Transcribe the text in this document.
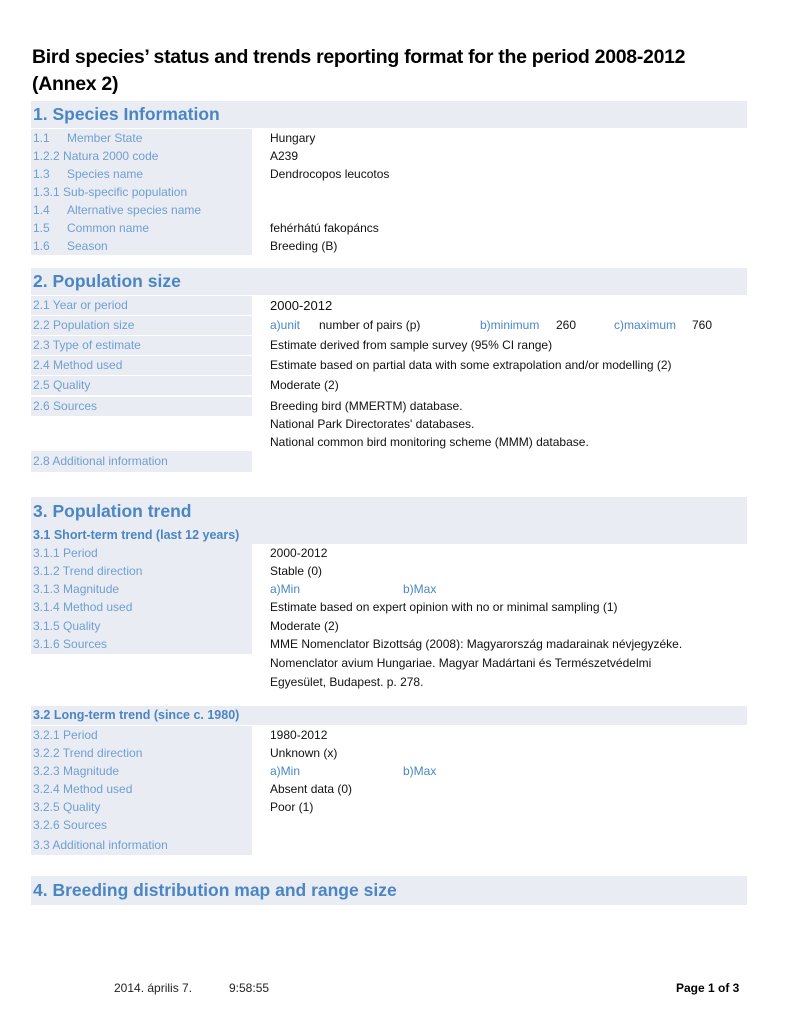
Bird species’ status and trends reporting format for the period 2008-2012
(Annex 2)
1. Species Information
1.1 Member State	Hungary
1.2.2 Natura 2000 code	A239
1.3 Species name	Dendrocopos leucotos
1.3.1 Sub-specific population
1.4 Alternative species name
1.5 Common name	fehérhátú fakopáncs
1.6 Season	Breeding (B)
2. Population size
2.1 Year or period	2000-2012
2.2 Population size	a)unit number of pairs (p)	b)minimum 260	c)maximum 760
2.3 Type of estimate	Estimate derived from sample survey (95% CI range)
2.4 Method used	Estimate based on partial data with some extrapolation and/or modelling (2)
2.5 Quality	Moderate (2)
2.6 Sources	Breeding bird (MMERTM) database.
National Park Directorates' databases.
National common bird monitoring scheme (MMM) database.
2.8 Additional information
3. Population trend
3.1 Short-term trend (last 12 years)
3.1.1 Period	2000-2012
3.1.2 Trend direction	Stable (0)
3.1.3 Magnitude	a)Min	b)Max
3.1.4 Method used	Estimate based on expert opinion with no or minimal sampling (1)
3.1.5 Quality	Moderate (2)
3.1.6 Sources	MME Nomenclator Bizottság (2008): Magyarország madarainak névjegyzéke.
Nomenclator avium Hungariae. Magyar Madártani és Természetvédelmi
Egyesület, Budapest. p. 278.
3.2 Long-term trend (since c. 1980)
3.2.1 Period	1980-2012
3.2.2 Trend direction	Unknown (x)
3.2.3 Magnitude	a)Min	b)Max
3.2.4 Method used	Absent data (0)
3.2.5 Quality	Poor (1)
3.2.6 Sources
3.3 Additional information
4. Breeding distribution map and range size
2014. április 7.	9:58:55	Page 1 of 3
